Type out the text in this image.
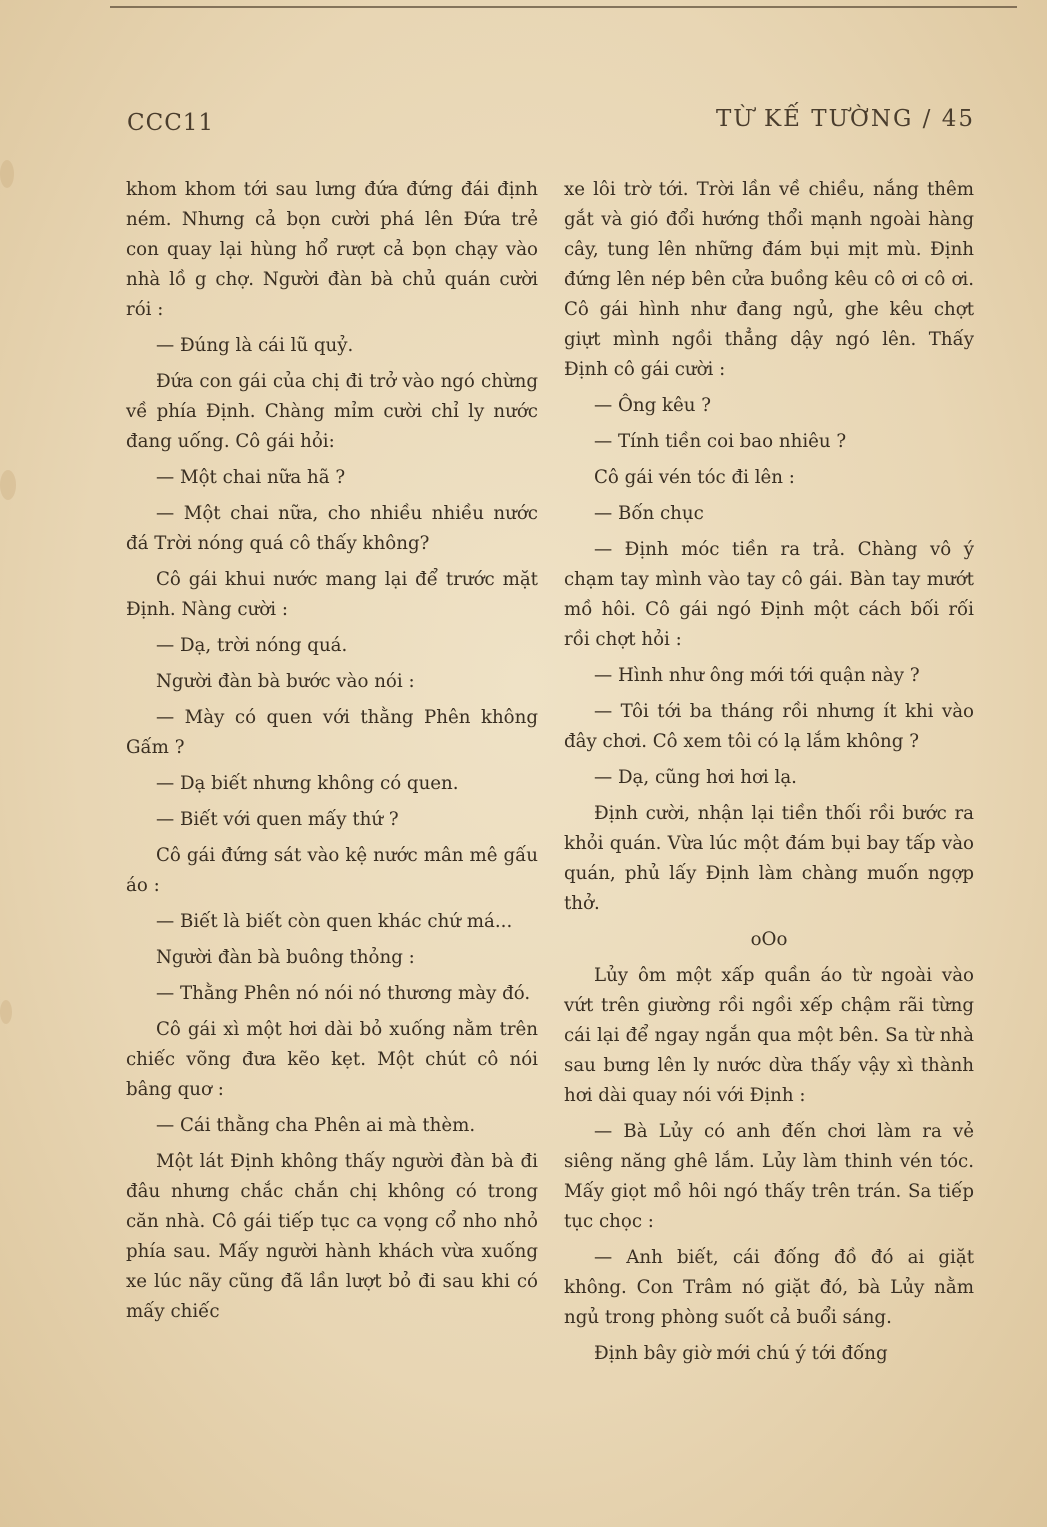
CCC11	TỪ KẾ TƯỜNG / 45

khom khom tới sau lưng đứa đứng đái định ném. Nhưng cả bọn cười phá lên Đứa trẻ con quay lại hùng hổ rượt cả bọn chạy vào nhà lồ g chợ. Người đàn bà chủ quán cười rói :

— Đúng là cái lũ quỷ.

Đứa con gái của chị đi trở vào ngó chừng về phía Định. Chàng mỉm cười chỉ ly nước đang uống. Cô gái hỏi:

— Một chai nữa hã ?

— Một chai nữa, cho nhiều nhiều nước đá Trời nóng quá cô thấy không?

Cô gái khui nước mang lại để trước mặt Định. Nàng cười :

— Dạ, trời nóng quá.

Người đàn bà bước vào nói :

— Mày có quen với thằng Phên không Gấm ?

— Dạ biết nhưng không có quen.

— Biết với quen mấy thứ ?

Cô gái đứng sát vào kệ nước mân mê gấu áo :

— Biết là biết còn quen khác chứ má...

Người đàn bà buông thỏng :

— Thằng Phên nó nói nó thương mày đó.

Cô gái xì một hơi dài bỏ xuống nằm trên chiếc võng đưa kẽo kẹt. Một chút cô nói bâng quơ :

— Cái thằng cha Phên ai mà thèm.

Một lát Định không thấy người đàn bà đi đâu nhưng chắc chắn chị không có trong căn nhà. Cô gái tiếp tục ca vọng cổ nho nhỏ phía sau. Mấy người hành khách vừa xuống xe lúc nãy cũng đã lần lượt bỏ đi sau khi có mấy chiếc

xe lôi trờ tới. Trời lần về chiều, nắng thêm gắt và gió đổi hướng thổi mạnh ngoài hàng cây, tung lên những đám bụi mịt mù. Định đứng lên nép bên cửa buồng kêu cô ơi cô ơi. Cô gái hình như đang ngủ, ghe kêu chợt giựt mình ngồi thẳng dậy ngó lên. Thấy Định cô gái cười :

— Ông kêu ?

— Tính tiền coi bao nhiêu ?

Cô gái vén tóc đi lên :

— Bốn chục

— Định móc tiền ra trả. Chàng vô ý chạm tay mình vào tay cô gái. Bàn tay mướt mồ hôi. Cô gái ngó Định một cách bối rối rồi chợt hỏi :

— Hình như ông mới tới quận này ?

— Tôi tới ba tháng rồi nhưng ít khi vào đây chơi. Cô xem tôi có lạ lắm không ?

— Dạ, cũng hơi hơi lạ.

Định cười, nhận lại tiền thối rồi bước ra khỏi quán. Vừa lúc một đám bụi bay tấp vào quán, phủ lấy Định làm chàng muốn ngợp thở.

oOo

Lủy ôm một xấp quần áo từ ngoài vào vứt trên giường rồi ngồi xếp chậm rãi từng cái lại để ngay ngắn qua một bên. Sa từ nhà sau bưng lên ly nước dừa thấy vậy xì thành hơi dài quay nói với Định :

— Bà Lủy có anh đến chơi làm ra vẻ siêng năng ghê lắm. Lủy làm thinh vén tóc. Mấy giọt mồ hôi ngó thấy trên trán. Sa tiếp tục chọc :

— Anh biết, cái đống đồ đó ai giặt không. Con Trâm nó giặt đó, bà Lủy nằm ngủ trong phòng suốt cả buổi sáng.

Định bây giờ mới chú ý tới đống
